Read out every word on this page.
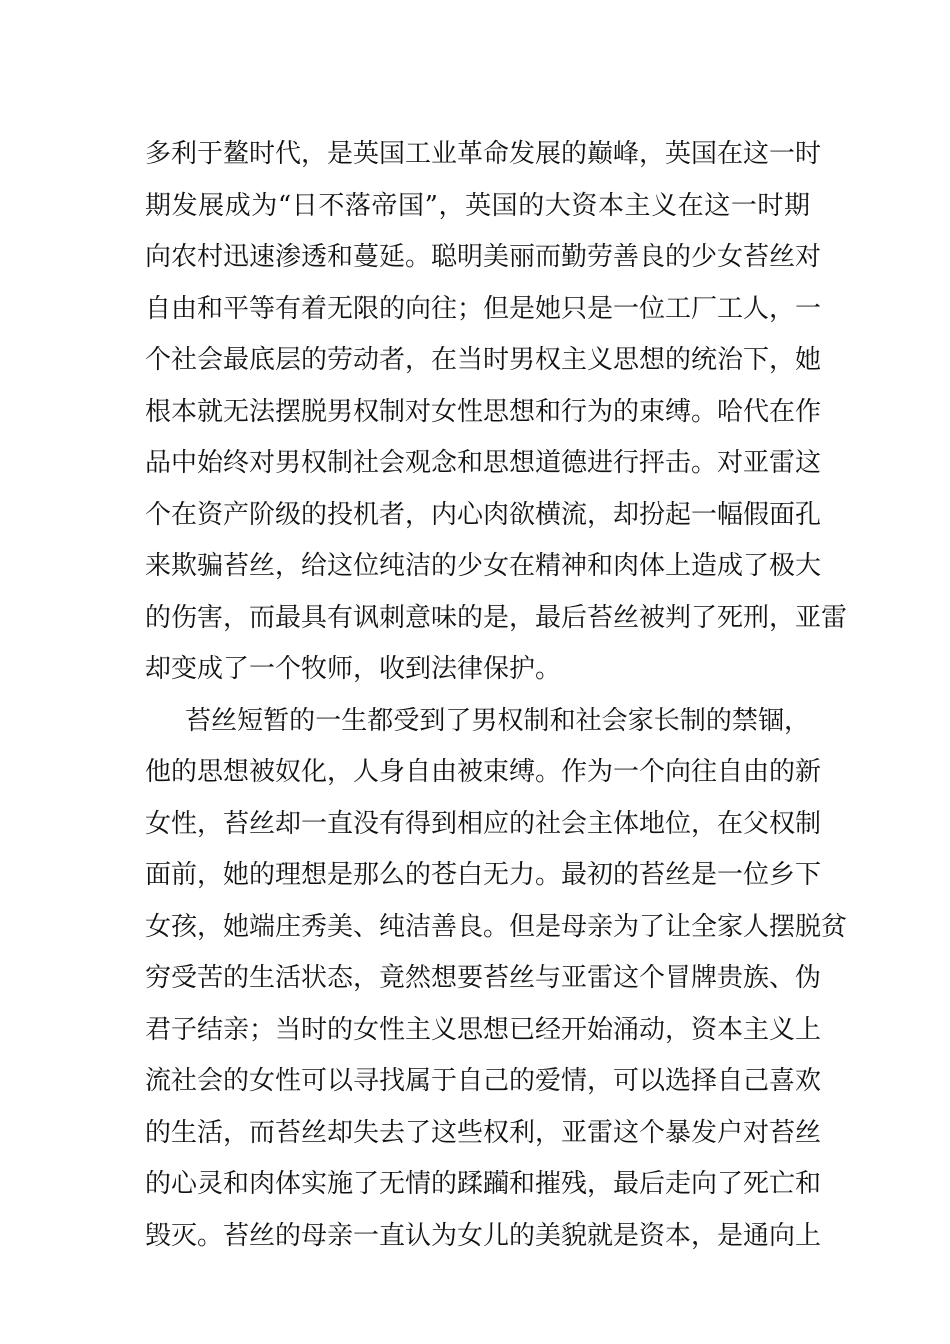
多利于鳌时代，是英国工业革命发展的巅峰，英国在这一时
期发展成为“日不落帝国”，英国的大资本主义在这一时期
向农村迅速渗透和蔓延。聪明美丽而勤劳善良的少女苔丝对
自由和平等有着无限的向往；但是她只是一位工厂工人，一
个社会最底层的劳动者，在当时男权主义思想的统治下，她
根本就无法摆脱男权制对女性思想和行为的束缚。哈代在作
品中始终对男权制社会观念和思想道德进行抨击。对亚雷这
个在资产阶级的投机者，内心肉欲横流，却扮起一幅假面孔
来欺骗苔丝，给这位纯洁的少女在精神和肉体上造成了极大
的伤害，而最具有讽刺意味的是，最后苔丝被判了死刑，亚雷
却变成了一个牧师，收到法律保护。
苔丝短暂的一生都受到了男权制和社会家长制的禁锢，
他的思想被奴化，人身自由被束缚。作为一个向往自由的新
女性，苔丝却一直没有得到相应的社会主体地位，在父权制
面前，她的理想是那么的苍白无力。最初的苔丝是一位乡下
女孩，她端庄秀美、纯洁善良。但是母亲为了让全家人摆脱贫
穷受苦的生活状态，竟然想要苔丝与亚雷这个冒牌贵族、伪
君子结亲；当时的女性主义思想已经开始涌动，资本主义上
流社会的女性可以寻找属于自己的爱情，可以选择自己喜欢
的生活，而苔丝却失去了这些权利，亚雷这个暴发户对苔丝
的心灵和肉体实施了无情的蹂躏和摧残，最后走向了死亡和
毁灭。苔丝的母亲一直认为女儿的美貌就是资本，是通向上
